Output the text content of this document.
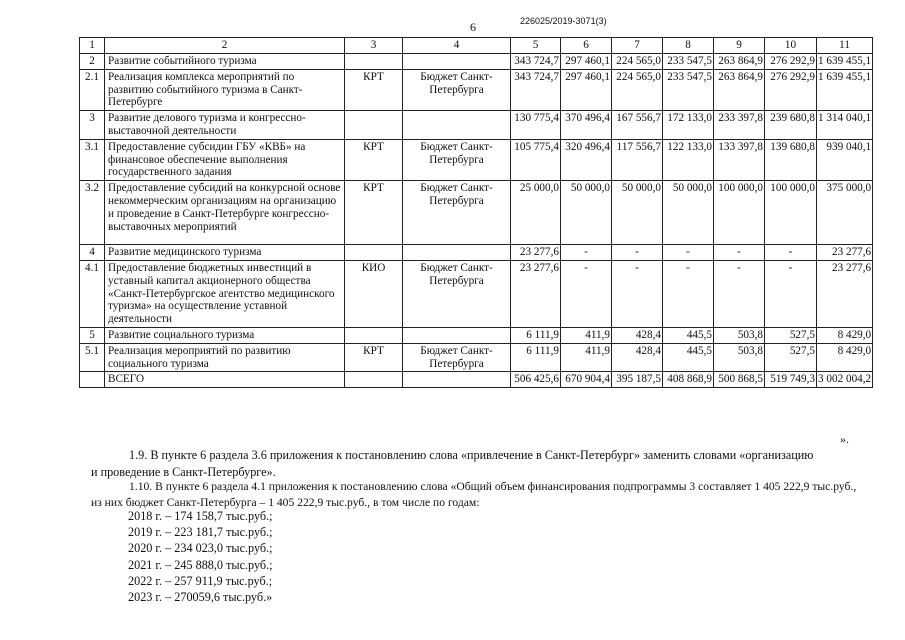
6	226025/2019-3071(3)
1	2	3	4	5	6	7	8	9	10	11
2	Развитие событийного туризма			343 724,7	297 460,1	224 565,0	233 547,5	263 864,9	276 292,9	1 639 455,1
2.1	Реализация комплекса мероприятий по развитию событийного туризма в Санкт-Петербурге	КРТ	Бюджет Санкт-Петербурга	343 724,7	297 460,1	224 565,0	233 547,5	263 864,9	276 292,9	1 639 455,1
3	Развитие делового туризма и конгрессно-выставочной деятельности			130 775,4	370 496,4	167 556,7	172 133,0	233 397,8	239 680,8	1 314 040,1
3.1	Предоставление субсидии ГБУ «КВБ» на финансовое обеспечение выполнения государственного задания	КРТ	Бюджет Санкт-Петербурга	105 775,4	320 496,4	117 556,7	122 133,0	133 397,8	139 680,8	939 040,1
3.2	Предоставление субсидий на конкурсной основе некоммерческим организациям на организацию и проведение в Санкт-Петербурге конгрессно-выставочных мероприятий	КРТ	Бюджет Санкт-Петербурга	25 000,0	50 000,0	50 000,0	50 000,0	100 000,0	100 000,0	375 000,0
4	Развитие медицинского туризма			23 277,6	-	-	-	-	-	23 277,6
4.1	Предоставление бюджетных инвестиций в уставный капитал акционерного общества «Санкт-Петербургское агентство медицинского туризма» на осуществление уставной деятельности	КИО	Бюджет Санкт-Петербурга	23 277,6	-	-	-	-	-	23 277,6
5	Развитие социального туризма			6 111,9	411,9	428,4	445,5	503,8	527,5	8 429,0
5.1	Реализация мероприятий по развитию социального туризма	КРТ	Бюджет Санкт-Петербурга	6 111,9	411,9	428,4	445,5	503,8	527,5	8 429,0
	ВСЕГО			506 425,6	670 904,4	395 187,5	408 868,9	500 868,5	519 749,3	3 002 004,2
».
1.9. В пункте 6 раздела 3.6 приложения к постановлению слова «привлечение в Санкт-Петербург» заменить словами «организацию
и проведение в Санкт-Петербурге».
1.10. В пункте 6 раздела 4.1 приложения к постановлению слова «Общий объем финансирования подпрограммы 3 составляет 1 405 222,9 тыс.руб.,
из них бюджет Санкт-Петербурга – 1 405 222,9 тыс.руб., в том числе по годам:
2018 г. – 174 158,7 тыс.руб.;
2019 г. – 223 181,7 тыс.руб.;
2020 г. – 234 023,0 тыс.руб.;
2021 г. – 245 888,0 тыс.руб.;
2022 г. – 257 911,9 тыс.руб.;
2023 г. – 270059,6 тыс.руб.»
